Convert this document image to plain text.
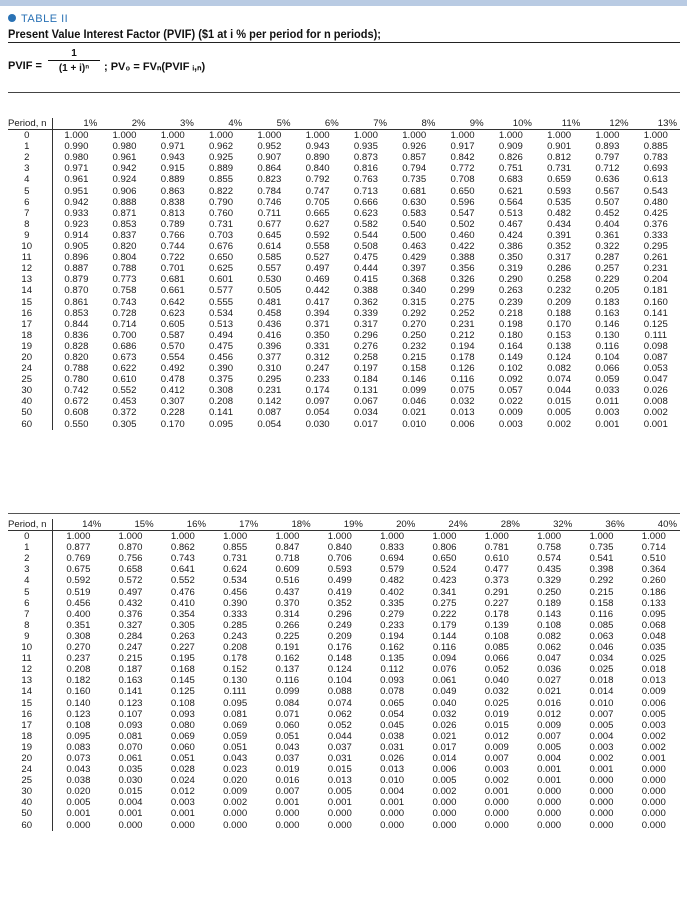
TABLE II
Present Value Interest Factor (PVIF) ($1 at i % per period for n periods);
PVIF =
1
(1 + i)ⁿ	; PV₀ = FVₙ(PVIF ᵢ,ₙ)
Period, n	1%	2%	3%	4%	5%	6%	7%	8%	9%	10%	11%	12%	13%
0	1.000	1.000	1.000	1.000	1.000	1.000	1.000	1.000	1.000	1.000	1.000	1.000	1.000
1	0.990	0.980	0.971	0.962	0.952	0.943	0.935	0.926	0.917	0.909	0.901	0.893	0.885
2	0.980	0.961	0.943	0.925	0.907	0.890	0.873	0.857	0.842	0.826	0.812	0.797	0.783
3	0.971	0.942	0.915	0.889	0.864	0.840	0.816	0.794	0.772	0.751	0.731	0.712	0.693
4	0.961	0.924	0.889	0.855	0.823	0.792	0.763	0.735	0.708	0.683	0.659	0.636	0.613
5	0.951	0.906	0.863	0.822	0.784	0.747	0.713	0.681	0.650	0.621	0.593	0.567	0.543
6	0.942	0.888	0.838	0.790	0.746	0.705	0.666	0.630	0.596	0.564	0.535	0.507	0.480
7	0.933	0.871	0.813	0.760	0.711	0.665	0.623	0.583	0.547	0.513	0.482	0.452	0.425
8	0.923	0.853	0.789	0.731	0.677	0.627	0.582	0.540	0.502	0.467	0.434	0.404	0.376
9	0.914	0.837	0.766	0.703	0.645	0.592	0.544	0.500	0.460	0.424	0.391	0.361	0.333
10	0.905	0.820	0.744	0.676	0.614	0.558	0.508	0.463	0.422	0.386	0.352	0.322	0.295
11	0.896	0.804	0.722	0.650	0.585	0.527	0.475	0.429	0.388	0.350	0.317	0.287	0.261
12	0.887	0.788	0.701	0.625	0.557	0.497	0.444	0.397	0.356	0.319	0.286	0.257	0.231
13	0.879	0.773	0.681	0.601	0.530	0.469	0.415	0.368	0.326	0.290	0.258	0.229	0.204
14	0.870	0.758	0.661	0.577	0.505	0.442	0.388	0.340	0.299	0.263	0.232	0.205	0.181
15	0.861	0.743	0.642	0.555	0.481	0.417	0.362	0.315	0.275	0.239	0.209	0.183	0.160
16	0.853	0.728	0.623	0.534	0.458	0.394	0.339	0.292	0.252	0.218	0.188	0.163	0.141
17	0.844	0.714	0.605	0.513	0.436	0.371	0.317	0.270	0.231	0.198	0.170	0.146	0.125
18	0.836	0.700	0.587	0.494	0.416	0.350	0.296	0.250	0.212	0.180	0.153	0.130	0.111
19	0.828	0.686	0.570	0.475	0.396	0.331	0.276	0.232	0.194	0.164	0.138	0.116	0.098
20	0.820	0.673	0.554	0.456	0.377	0.312	0.258	0.215	0.178	0.149	0.124	0.104	0.087
24	0.788	0.622	0.492	0.390	0.310	0.247	0.197	0.158	0.126	0.102	0.082	0.066	0.053
25	0.780	0.610	0.478	0.375	0.295	0.233	0.184	0.146	0.116	0.092	0.074	0.059	0.047
30	0.742	0.552	0.412	0.308	0.231	0.174	0.131	0.099	0.075	0.057	0.044	0.033	0.026
40	0.672	0.453	0.307	0.208	0.142	0.097	0.067	0.046	0.032	0.022	0.015	0.011	0.008
50	0.608	0.372	0.228	0.141	0.087	0.054	0.034	0.021	0.013	0.009	0.005	0.003	0.002
60	0.550	0.305	0.170	0.095	0.054	0.030	0.017	0.010	0.006	0.003	0.002	0.001	0.001
Period, n	14%	15%	16%	17%	18%	19%	20%	24%	28%	32%	36%	40%
0	1.000	1.000	1.000	1.000	1.000	1.000	1.000	1.000	1.000	1.000	1.000	1.000
1	0.877	0.870	0.862	0.855	0.847	0.840	0.833	0.806	0.781	0.758	0.735	0.714
2	0.769	0.756	0.743	0.731	0.718	0.706	0.694	0.650	0.610	0.574	0.541	0.510
3	0.675	0.658	0.641	0.624	0.609	0.593	0.579	0.524	0.477	0.435	0.398	0.364
4	0.592	0.572	0.552	0.534	0.516	0.499	0.482	0.423	0.373	0.329	0.292	0.260
5	0.519	0.497	0.476	0.456	0.437	0.419	0.402	0.341	0.291	0.250	0.215	0.186
6	0.456	0.432	0.410	0.390	0.370	0.352	0.335	0.275	0.227	0.189	0.158	0.133
7	0.400	0.376	0.354	0.333	0.314	0.296	0.279	0.222	0.178	0.143	0.116	0.095
8	0.351	0.327	0.305	0.285	0.266	0.249	0.233	0.179	0.139	0.108	0.085	0.068
9	0.308	0.284	0.263	0.243	0.225	0.209	0.194	0.144	0.108	0.082	0.063	0.048
10	0.270	0.247	0.227	0.208	0.191	0.176	0.162	0.116	0.085	0.062	0.046	0.035
11	0.237	0.215	0.195	0.178	0.162	0.148	0.135	0.094	0.066	0.047	0.034	0.025
12	0.208	0.187	0.168	0.152	0.137	0.124	0.112	0.076	0.052	0.036	0.025	0.018
13	0.182	0.163	0.145	0.130	0.116	0.104	0.093	0.061	0.040	0.027	0.018	0.013
14	0.160	0.141	0.125	0.111	0.099	0.088	0.078	0.049	0.032	0.021	0.014	0.009
15	0.140	0.123	0.108	0.095	0.084	0.074	0.065	0.040	0.025	0.016	0.010	0.006
16	0.123	0.107	0.093	0.081	0.071	0.062	0.054	0.032	0.019	0.012	0.007	0.005
17	0.108	0.093	0.080	0.069	0.060	0.052	0.045	0.026	0.015	0.009	0.005	0.003
18	0.095	0.081	0.069	0.059	0.051	0.044	0.038	0.021	0.012	0.007	0.004	0.002
19	0.083	0.070	0.060	0.051	0.043	0.037	0.031	0.017	0.009	0.005	0.003	0.002
20	0.073	0.061	0.051	0.043	0.037	0.031	0.026	0.014	0.007	0.004	0.002	0.001
24	0.043	0.035	0.028	0.023	0.019	0.015	0.013	0.006	0.003	0.001	0.001	0.000
25	0.038	0.030	0.024	0.020	0.016	0.013	0.010	0.005	0.002	0.001	0.000	0.000
30	0.020	0.015	0.012	0.009	0.007	0.005	0.004	0.002	0.001	0.000	0.000	0.000
40	0.005	0.004	0.003	0.002	0.001	0.001	0.001	0.000	0.000	0.000	0.000	0.000
50	0.001	0.001	0.001	0.000	0.000	0.000	0.000	0.000	0.000	0.000	0.000	0.000
60	0.000	0.000	0.000	0.000	0.000	0.000	0.000	0.000	0.000	0.000	0.000	0.000
